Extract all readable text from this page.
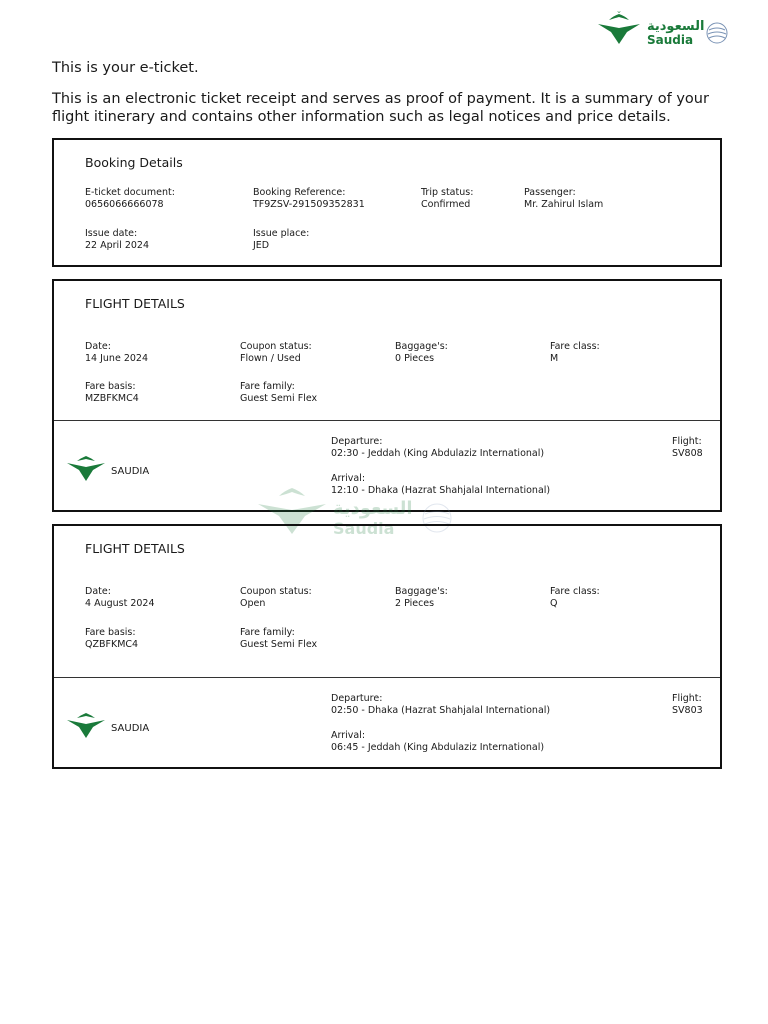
السعودية
Saudia
This is your e-ticket.
This is an electronic ticket receipt and serves as proof of payment. It is a summary of your flight itinerary and contains other information such as legal notices and price details.
Booking Details
E-ticket document:
0656066666078
Booking Reference:
TF9ZSV-291509352831
Trip status:
Confirmed
Passenger:
Mr. Zahirul Islam
Issue date:
22 April 2024
Issue place:
JED
FLIGHT DETAILS
Date:
14 June 2024
Coupon status:
Flown / Used
Baggage's:
0 Pieces
Fare class:
M
Fare basis:
MZBFKMC4
Fare family:
Guest Semi Flex
SAUDIA
Departure:
02:30 - Jeddah (King Abdulaziz International)
Arrival:
12:10 - Dhaka (Hazrat Shahjalal International)
Flight:
SV808
السعودية
Saudia
FLIGHT DETAILS
Date:
4 August 2024
Coupon status:
Open
Baggage's:
2 Pieces
Fare class:
Q
Fare basis:
QZBFKMC4
Fare family:
Guest Semi Flex
SAUDIA
Departure:
02:50 - Dhaka (Hazrat Shahjalal International)
Arrival:
06:45 - Jeddah (King Abdulaziz International)
Flight:
SV803
